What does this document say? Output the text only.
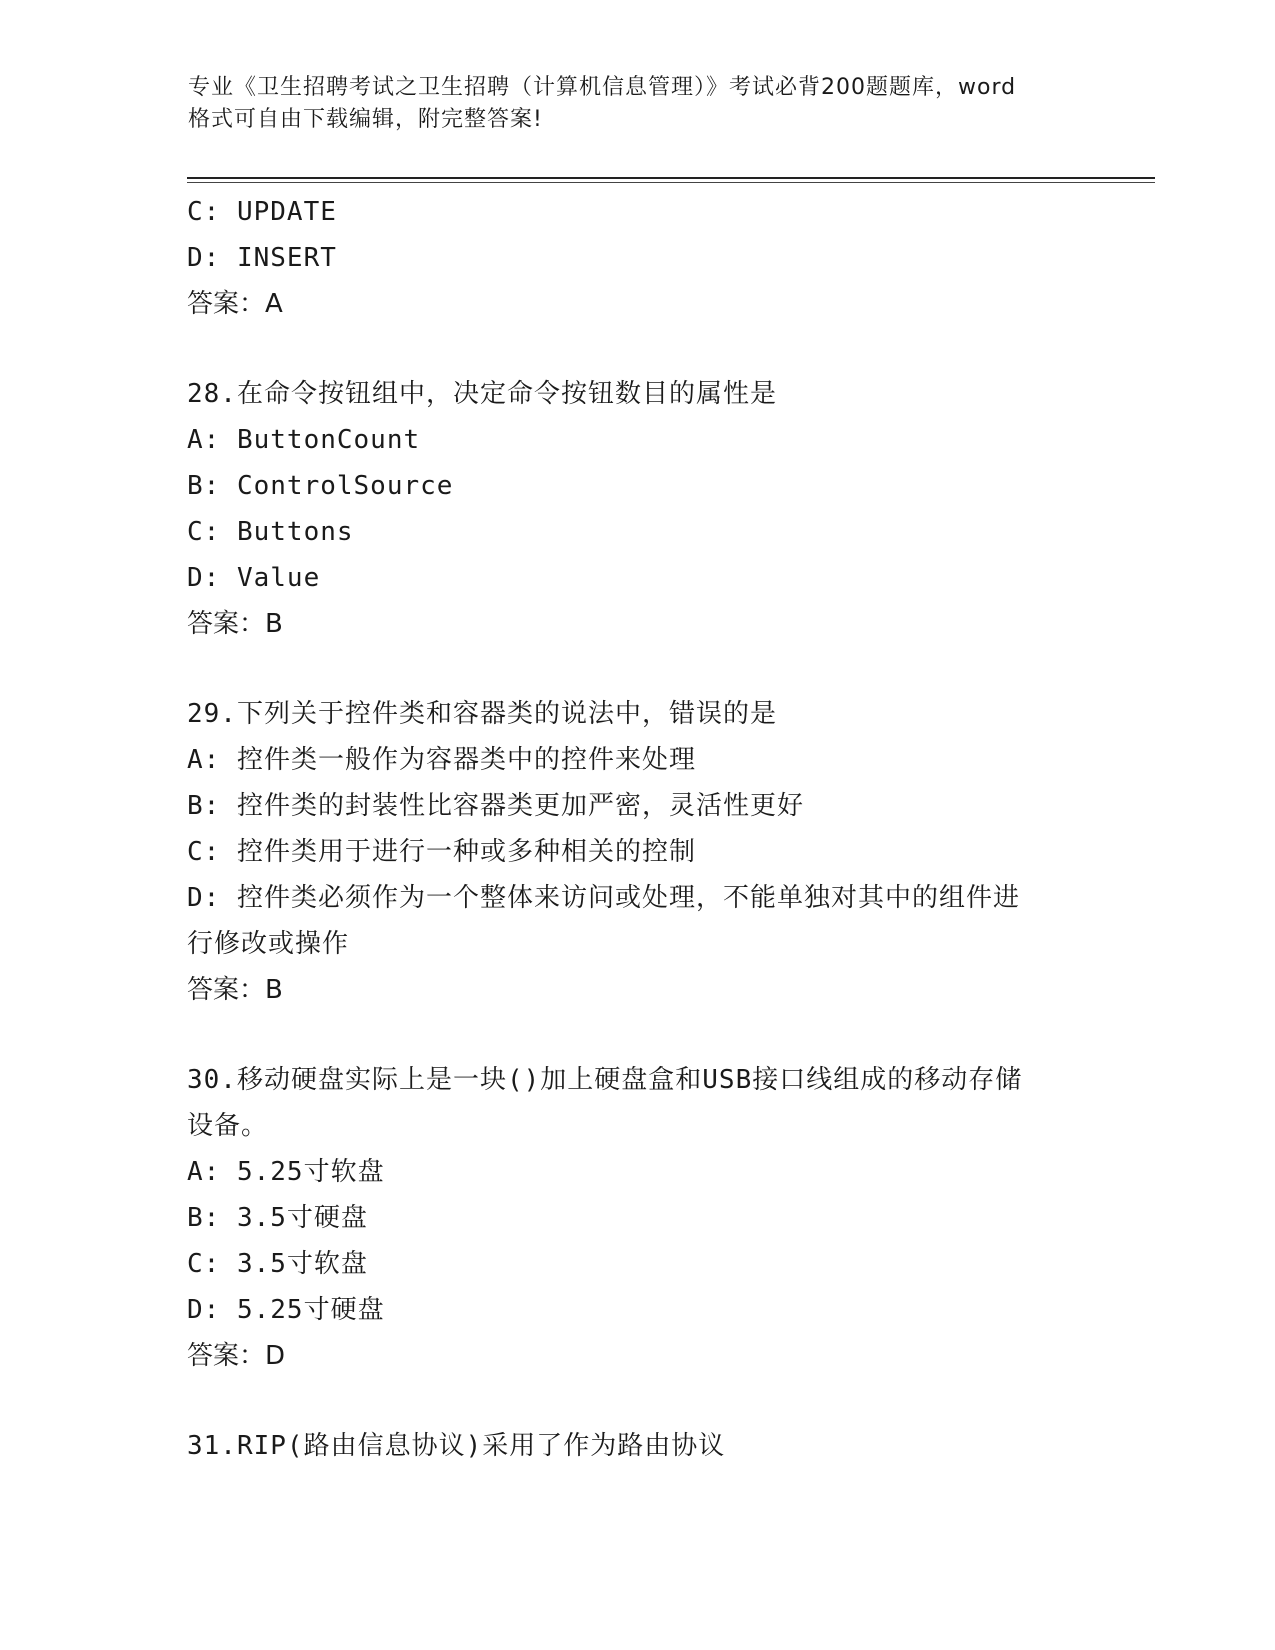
专业《卫生招聘考试之卫生招聘（计算机信息管理）》考试必背200题题库，word
格式可自由下载编辑，附完整答案!
C: UPDATE
D: INSERT
答案：A
28.在命令按钮组中，决定命令按钮数目的属性是
A: ButtonCount
B: ControlSource
C: Buttons
D: Value
答案：B
29.下列关于控件类和容器类的说法中，错误的是
A: 控件类一般作为容器类中的控件来处理
B: 控件类的封装性比容器类更加严密，灵活性更好
C: 控件类用于进行一种或多种相关的控制
D: 控件类必须作为一个整体来访问或处理，不能单独对其中的组件进
行修改或操作
答案：B
30.移动硬盘实际上是一块()加上硬盘盒和USB接口线组成的移动存储
设备。
A: 5.25寸软盘
B: 3.5寸硬盘
C: 3.5寸软盘
D: 5.25寸硬盘
答案：D
31.RIP(路由信息协议)采用了作为路由协议
